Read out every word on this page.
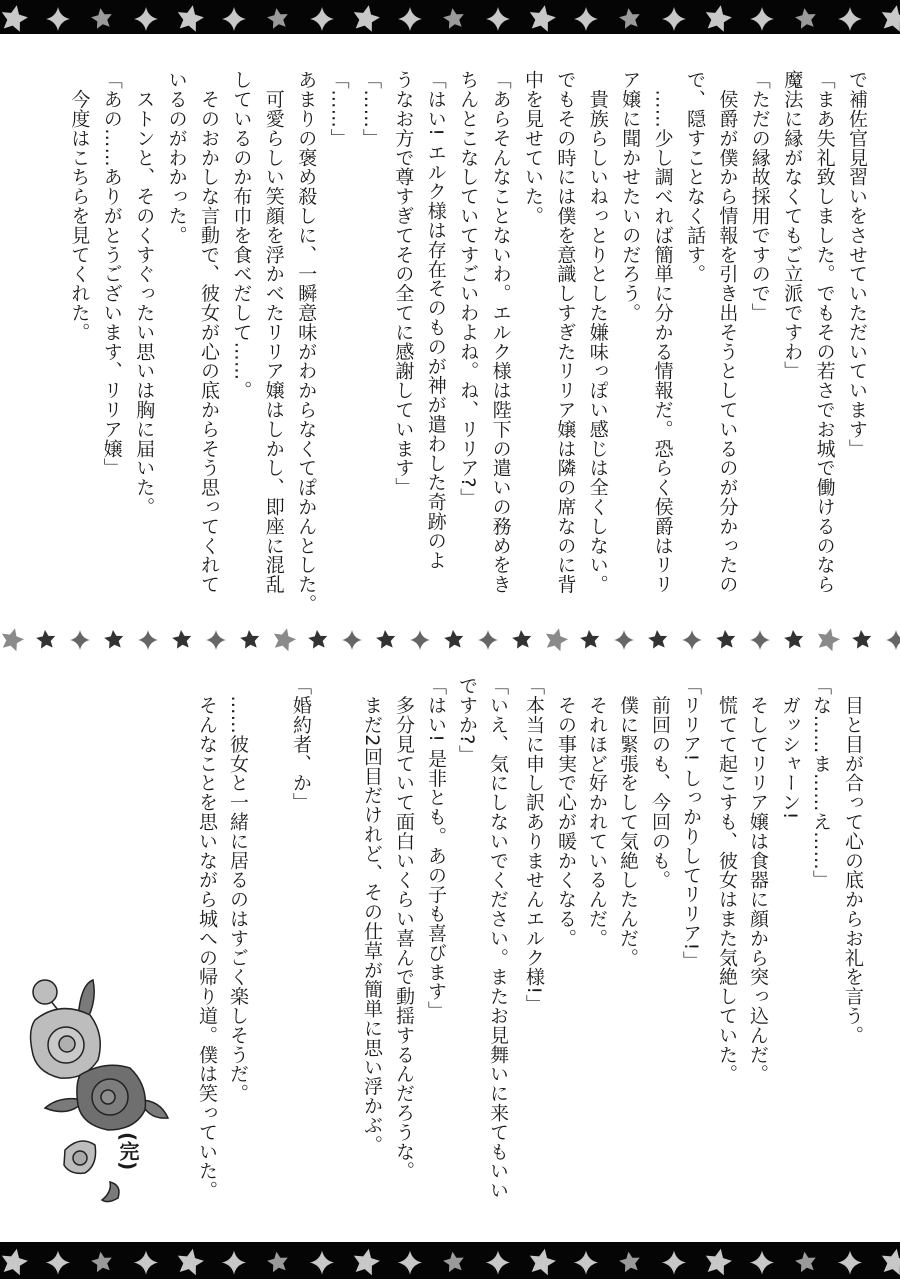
で補佐官見習いをさせていただいています」
「まあ失礼致しました。でもその若さでお城で働けるのなら
魔法に縁がなくてもご立派ですわ」
「ただの縁故採用ですので」
　侯爵が僕から情報を引き出そうとしているのが分かったの
で、隠すことなく話す。
　……少し調べれば簡単に分かる情報だ。恐らく侯爵はリリ
ア嬢に聞かせたいのだろう。
　貴族らしいねっとりとした嫌味っぽい感じは全くしない。
でもその時には僕を意識しすぎたリリア嬢は隣の席なのに背
中を見せていた。
「あらそんなことないわ。エルク様は陛下の遣いの務めをき
ちんとこなしていてすごいわよね。ね、リリア?」
「はい! エルク様は存在そのものが神が遣わした奇跡のよ
うなお方で尊すぎてその全てに感謝しています」
「……」
「……」
あまりの褒め殺しに、一瞬意味がわからなくてぽかんとした。
　可愛らしい笑顔を浮かべたリリア嬢はしかし、即座に混乱
しているのか布巾を食べだして……。
　そのおかしな言動で、彼女が心の底からそう思ってくれて
いるのがわかった。
　ストンと、そのくすぐったい思いは胸に届いた。
「あの……ありがとうございます、リリア嬢」
　今度はこちらを見てくれた。
　目と目が合って心の底からお礼を言う。
「な……ま……え……」
　ガッシャーン!
　そしてリリア嬢は食器に顔から突っ込んだ。
　慌てて起こすも、彼女はまた気絶していた。
「リリア! しっかりしてリリア!」
　前回のも、今回のも。
　僕に緊張をして気絶したんだ。
　それほど好かれているんだ。
　その事実で心が暖かくなる。
「本当に申し訳ありませんエルク様!」
「いえ、気にしないでください。またお見舞いに来てもいい
ですか?」
「はい! 是非とも。あの子も喜びます」
　多分見ていて面白いくらい喜んで動揺するんだろうな。
　まだ2回目だけれど、その仕草が簡単に思い浮かぶ。
「婚約者、か」
　……彼女と一緒に居るのはすごく楽しそうだ。
　そんなことを思いながら城への帰り道。僕は笑っていた。
(完)
